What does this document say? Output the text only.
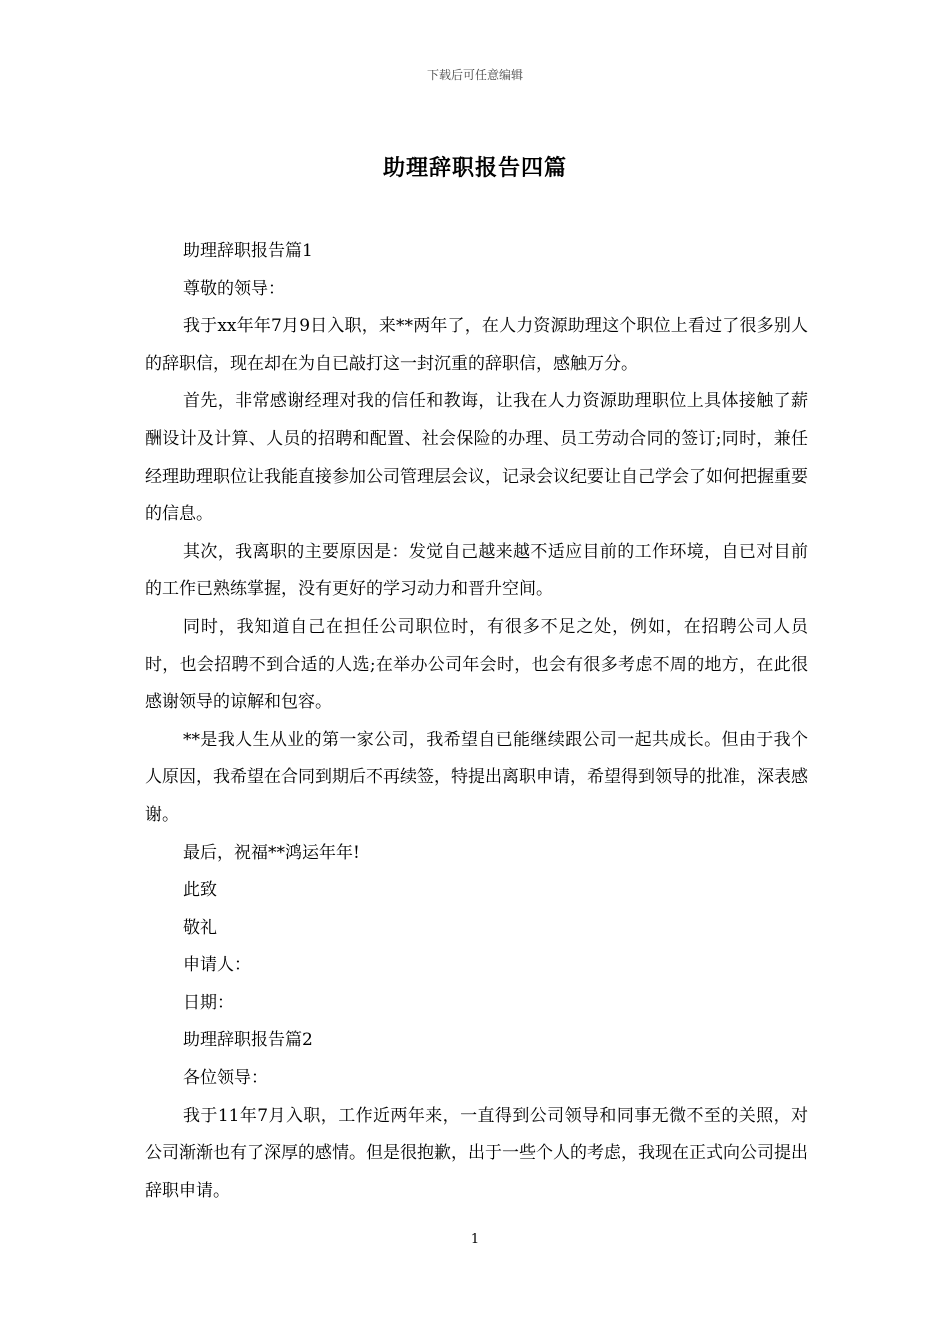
下载后可任意编辑
助理辞职报告四篇

助理辞职报告篇1

尊敬的领导：

我于xx年年7月9日入职，来**两年了，在人力资源助理这个职位上看过了很多别人的辞职信，现在却在为自已敲打这一封沉重的辞职信，感触万分。

首先，非常感谢经理对我的信任和教诲，让我在人力资源助理职位上具体接触了薪酬设计及计算、人员的招聘和配置、社会保险的办理、员工劳动合同的签订;同时，兼任经理助理职位让我能直接参加公司管理层会议，记录会议纪要让自己学会了如何把握重要的信息。

其次，我离职的主要原因是：发觉自己越来越不适应目前的工作环境，自已对目前的工作已熟练掌握，没有更好的学习动力和晋升空间。

同时，我知道自己在担任公司职位时，有很多不足之处，例如，在招聘公司人员时，也会招聘不到合适的人选;在举办公司年会时，也会有很多考虑不周的地方，在此很感谢领导的谅解和包容。

**是我人生从业的第一家公司，我希望自已能继续跟公司一起共成长。但由于我个人原因，我希望在合同到期后不再续签，特提出离职申请，希望得到领导的批准，深表感谢。

最后，祝福**鸿运年年!

此致

敬礼

申请人：

日期：

助理辞职报告篇2

各位领导：

我于11年7月入职，工作近两年来，一直得到公司领导和同事无微不至的关照，对公司渐渐也有了深厚的感情。但是很抱歉，出于一些个人的考虑，我现在正式向公司提出辞职申请。

1
